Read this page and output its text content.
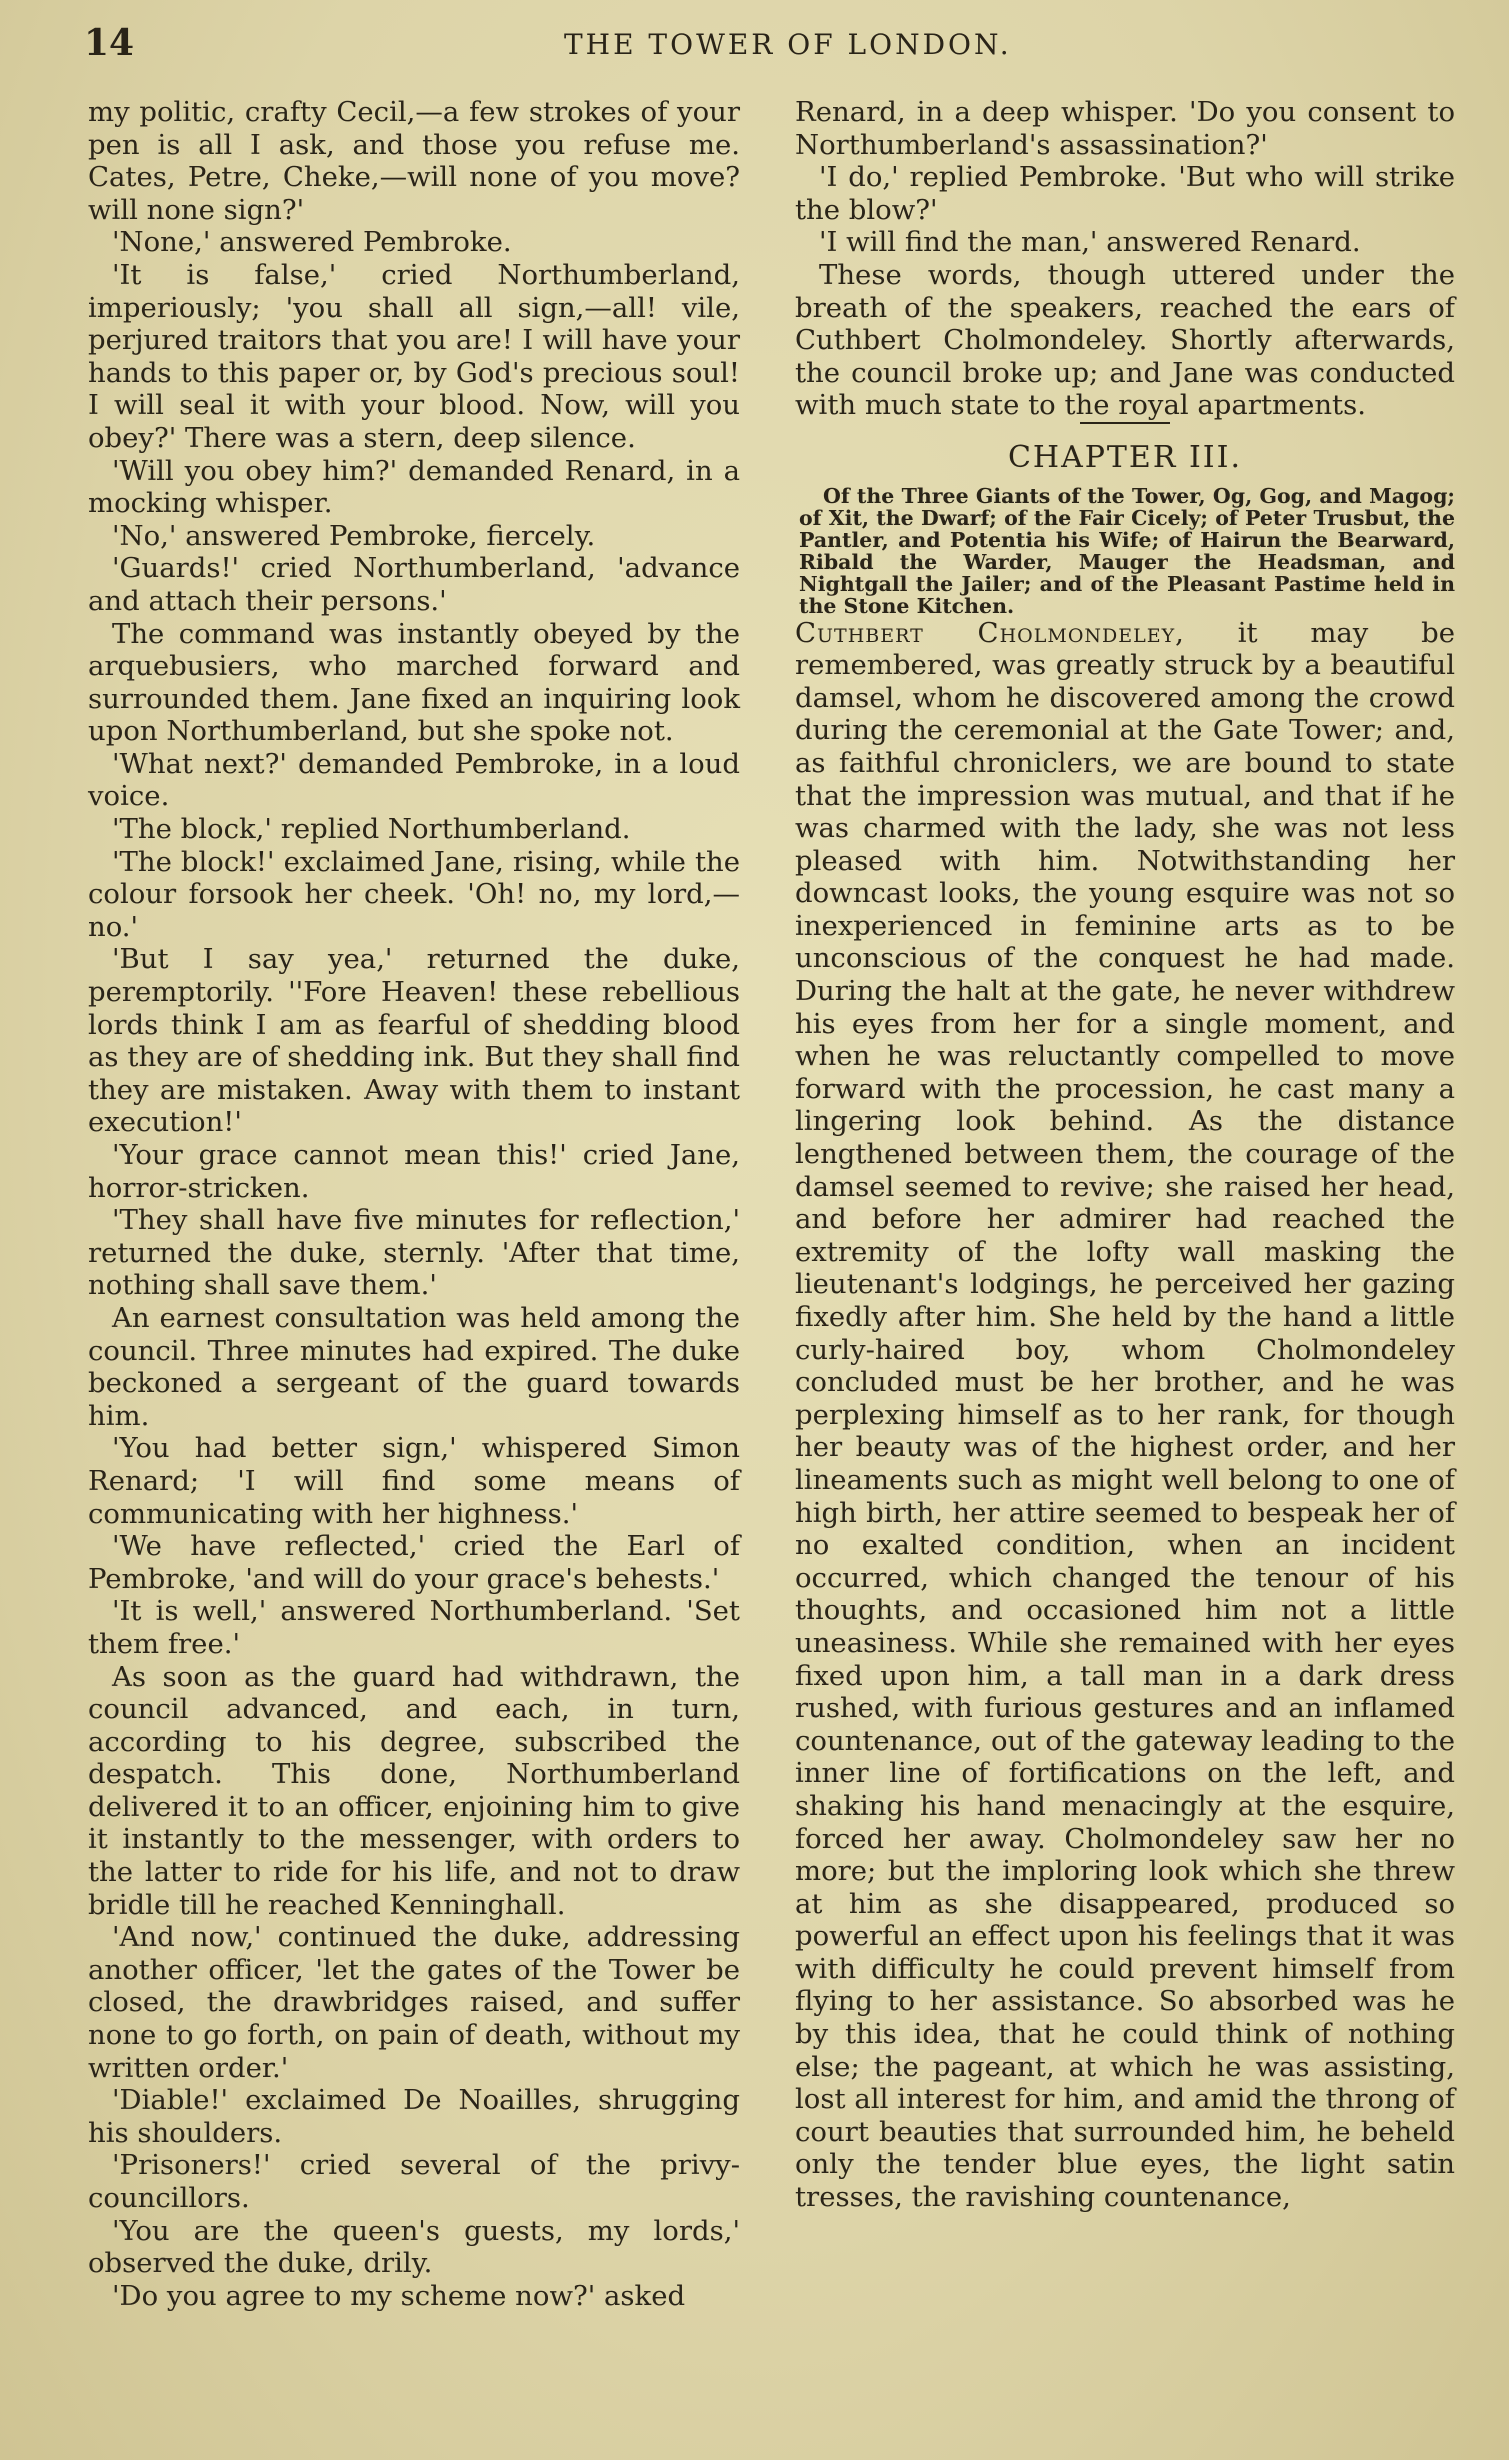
14	THE TOWER OF LONDON.

my politic, crafty Cecil,—a few strokes of your pen is all I ask, and those you refuse me. Cates, Petre, Cheke,—will none of you move? will none sign?'

'None,' answered Pembroke.

'It is false,' cried Northumberland, imperiously; 'you shall all sign,—all! vile, perjured traitors that you are! I will have your hands to this paper or, by God's precious soul! I will seal it with your blood. Now, will you obey?' There was a stern, deep silence.

'Will you obey him?' demanded Renard, in a mocking whisper.

'No,' answered Pembroke, fiercely.

'Guards!' cried Northumberland, 'advance and attach their persons.'

The command was instantly obeyed by the arquebusiers, who marched forward and surrounded them. Jane fixed an inquiring look upon Northumberland, but she spoke not.

'What next?' demanded Pembroke, in a loud voice.

'The block,' replied Northumberland.

'The block!' exclaimed Jane, rising, while the colour forsook her cheek. 'Oh! no, my lord,—no.'

'But I say yea,' returned the duke, peremptorily. ''Fore Heaven! these rebellious lords think I am as fearful of shedding blood as they are of shedding ink. But they shall find they are mistaken. Away with them to instant execution!'

'Your grace cannot mean this!' cried Jane, horror-stricken.

'They shall have five minutes for reflection,' returned the duke, sternly. 'After that time, nothing shall save them.'

An earnest consultation was held among the council. Three minutes had expired. The duke beckoned a sergeant of the guard towards him.

'You had better sign,' whispered Simon Renard; 'I will find some means of communicating with her highness.'

'We have reflected,' cried the Earl of Pembroke, 'and will do your grace's behests.'

'It is well,' answered Northumberland. 'Set them free.'

As soon as the guard had withdrawn, the council advanced, and each, in turn, according to his degree, subscribed the despatch. This done, Northumberland delivered it to an officer, enjoining him to give it instantly to the messenger, with orders to the latter to ride for his life, and not to draw bridle till he reached Kenninghall.

'And now,' continued the duke, addressing another officer, 'let the gates of the Tower be closed, the drawbridges raised, and suffer none to go forth, on pain of death, without my written order.'

'Diable!' exclaimed De Noailles, shrugging his shoulders.

'Prisoners!' cried several of the privy-councillors.

'You are the queen's guests, my lords,' observed the duke, drily.

'Do you agree to my scheme now?' asked

Renard, in a deep whisper. 'Do you consent to Northumberland's assassination?'

'I do,' replied Pembroke. 'But who will strike the blow?'

'I will find the man,' answered Renard.

These words, though uttered under the breath of the speakers, reached the ears of Cuthbert Cholmondeley. Shortly afterwards, the council broke up; and Jane was conducted with much state to the royal apartments.

CHAPTER III.

Of the Three Giants of the Tower, Og, Gog, and Magog; of Xit, the Dwarf; of the Fair Cicely; of Peter Trusbut, the Pantler, and Potentia his Wife; of Hairun the Bearward, Ribald the Warder, Mauger the Headsman, and Nightgall the Jailer; and of the Pleasant Pastime held in the Stone Kitchen.

Cuthbert Cholmondeley, it may be remembered, was greatly struck by a beautiful damsel, whom he discovered among the crowd during the ceremonial at the Gate Tower; and, as faithful chroniclers, we are bound to state that the impression was mutual, and that if he was charmed with the lady, she was not less pleased with him. Notwithstanding her downcast looks, the young esquire was not so inexperienced in feminine arts as to be unconscious of the conquest he had made. During the halt at the gate, he never withdrew his eyes from her for a single moment, and when he was reluctantly compelled to move forward with the procession, he cast many a lingering look behind. As the distance lengthened between them, the courage of the damsel seemed to revive; she raised her head, and before her admirer had reached the extremity of the lofty wall masking the lieutenant's lodgings, he perceived her gazing fixedly after him. She held by the hand a little curly-haired boy, whom Cholmondeley concluded must be her brother, and he was perplexing himself as to her rank, for though her beauty was of the highest order, and her lineaments such as might well belong to one of high birth, her attire seemed to bespeak her of no exalted condition, when an incident occurred, which changed the tenour of his thoughts, and occasioned him not a little uneasiness. While she remained with her eyes fixed upon him, a tall man in a dark dress rushed, with furious gestures and an inflamed countenance, out of the gateway leading to the inner line of fortifications on the left, and shaking his hand menacingly at the esquire, forced her away. Cholmondeley saw her no more; but the imploring look which she threw at him as she disappeared, produced so powerful an effect upon his feelings that it was with difficulty he could prevent himself from flying to her assistance. So absorbed was he by this idea, that he could think of nothing else; the pageant, at which he was assisting, lost all interest for him, and amid the throng of court beauties that surrounded him, he beheld only the tender blue eyes, the light satin tresses, the ravishing countenance,
